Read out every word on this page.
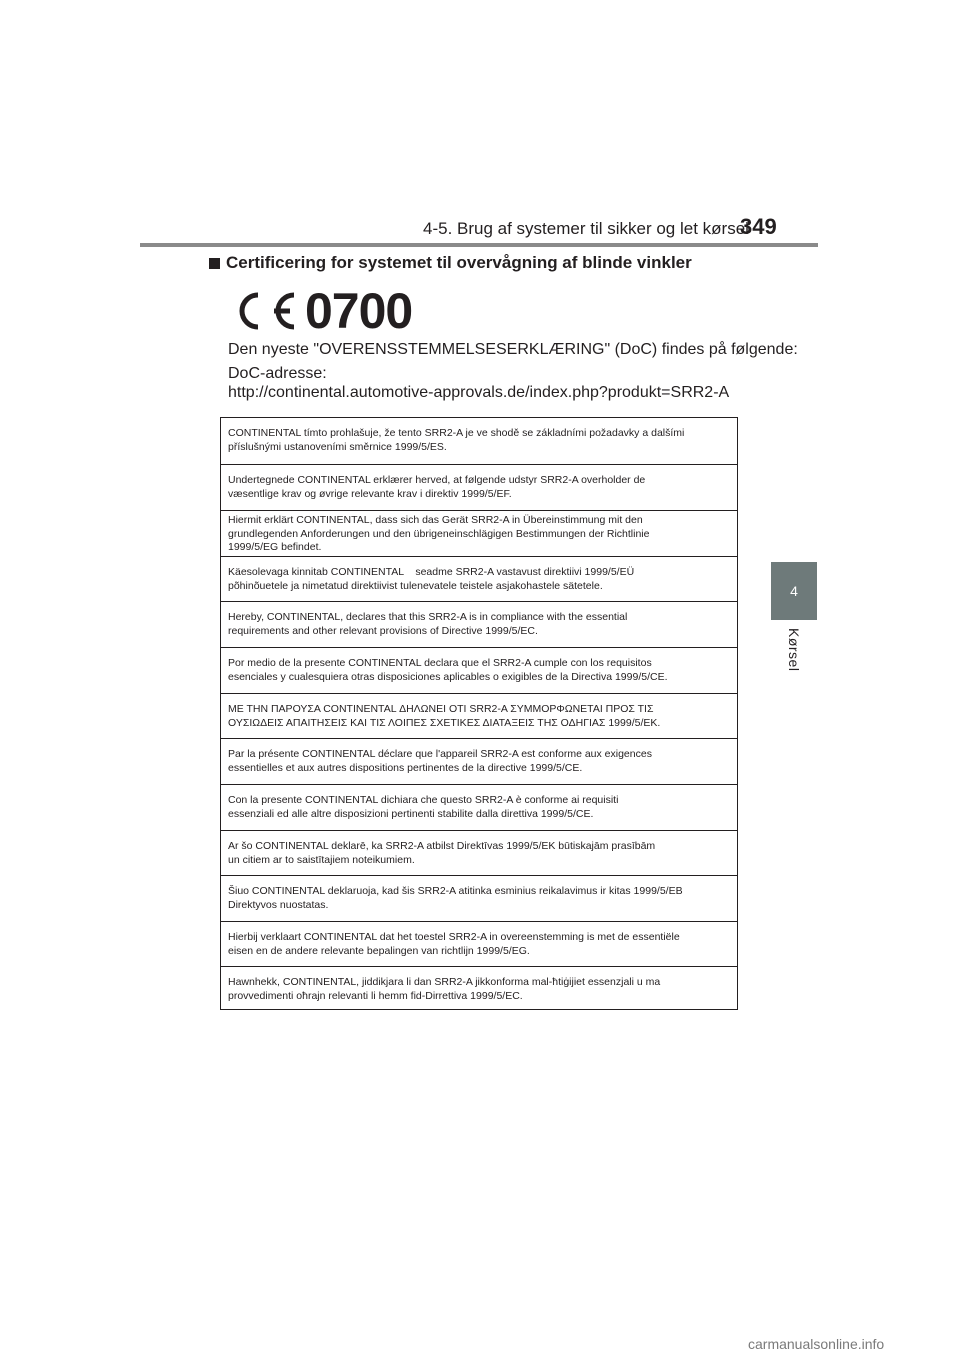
4-5. Brug af systemer til sikker og let kørsel
349
4
Kørsel
Certificering for systemet til overvågning af blinde vinkler
0700
Den nyeste "OVERENSSTEMMELSESERKLÆRING" (DoC) findes på følgende:
DoC-adresse:
http://continental.automotive-approvals.de/index.php?produkt=SRR2-A
CONTINENTAL tímto prohlašuje, že tento SRR2-A je ve shodě se základními požadavky a dalšími
příslušnými ustanoveními směrnice 1999/5/ES.
Undertegnede CONTINENTAL erklærer herved, at følgende udstyr SRR2-A overholder de
væsentlige krav og øvrige relevante krav i direktiv 1999/5/EF.
Hiermit erklärt CONTINENTAL, dass sich das Gerät SRR2-A in Übereinstimmung mit den
grundlegenden Anforderungen und den übrigeneinschlägigen Bestimmungen der Richtlinie
1999/5/EG befindet.
Käesolevaga kinnitab CONTINENTAL    seadme SRR2-A vastavust direktiivi 1999/5/EÜ
põhinõuetele ja nimetatud direktiivist tulenevatele teistele asjakohastele sätetele.
Hereby, CONTINENTAL, declares that this SRR2-A is in compliance with the essential
requirements and other relevant provisions of Directive 1999/5/EC.
Por medio de la presente CONTINENTAL declara que el SRR2-A cumple con los requisitos
esenciales y cualesquiera otras disposiciones aplicables o exigibles de la Directiva 1999/5/CE.
ΜΕ ΤΗΝ ΠΑΡΟΥΣΑ CONTINENTAL ΔΗΛΩΝΕΙ ΟΤΙ SRR2-A ΣΥΜΜΟΡΦΩΝΕΤΑΙ ΠΡΟΣ ΤΙΣ
ΟΥΣΙΩΔΕΙΣ ΑΠΑΙΤΗΣΕΙΣ ΚΑΙ ΤΙΣ ΛΟΙΠΕΣ ΣΧΕΤΙΚΕΣ ΔΙΑΤΑΞΕΙΣ ΤΗΣ ΟΔΗΓΙΑΣ 1999/5/ΕΚ.
Par la présente CONTINENTAL déclare que l'appareil SRR2-A est conforme aux exigences
essentielles et aux autres dispositions pertinentes de la directive 1999/5/CE.
Con la presente CONTINENTAL dichiara che questo SRR2-A è conforme ai requisiti
essenziali ed alle altre disposizioni pertinenti stabilite dalla direttiva 1999/5/CE.
Ar šo CONTINENTAL deklarē, ka SRR2-A atbilst Direktīvas 1999/5/EK būtiskajām prasībām
un citiem ar to saistītajiem noteikumiem.
Šiuo CONTINENTAL deklaruoja, kad šis SRR2-A atitinka esminius reikalavimus ir kitas 1999/5/EB
Direktyvos nuostatas.
Hierbij verklaart CONTINENTAL dat het toestel SRR2-A in overeenstemming is met de essentiële
eisen en de andere relevante bepalingen van richtlijn 1999/5/EG.
Hawnhekk, CONTINENTAL, jiddikjara li dan SRR2-A jikkonforma mal-ħtiġijiet essenzjali u ma
provvedimenti oħrajn relevanti li hemm fid-Dirrettiva 1999/5/EC.
carmanualsonline.info
